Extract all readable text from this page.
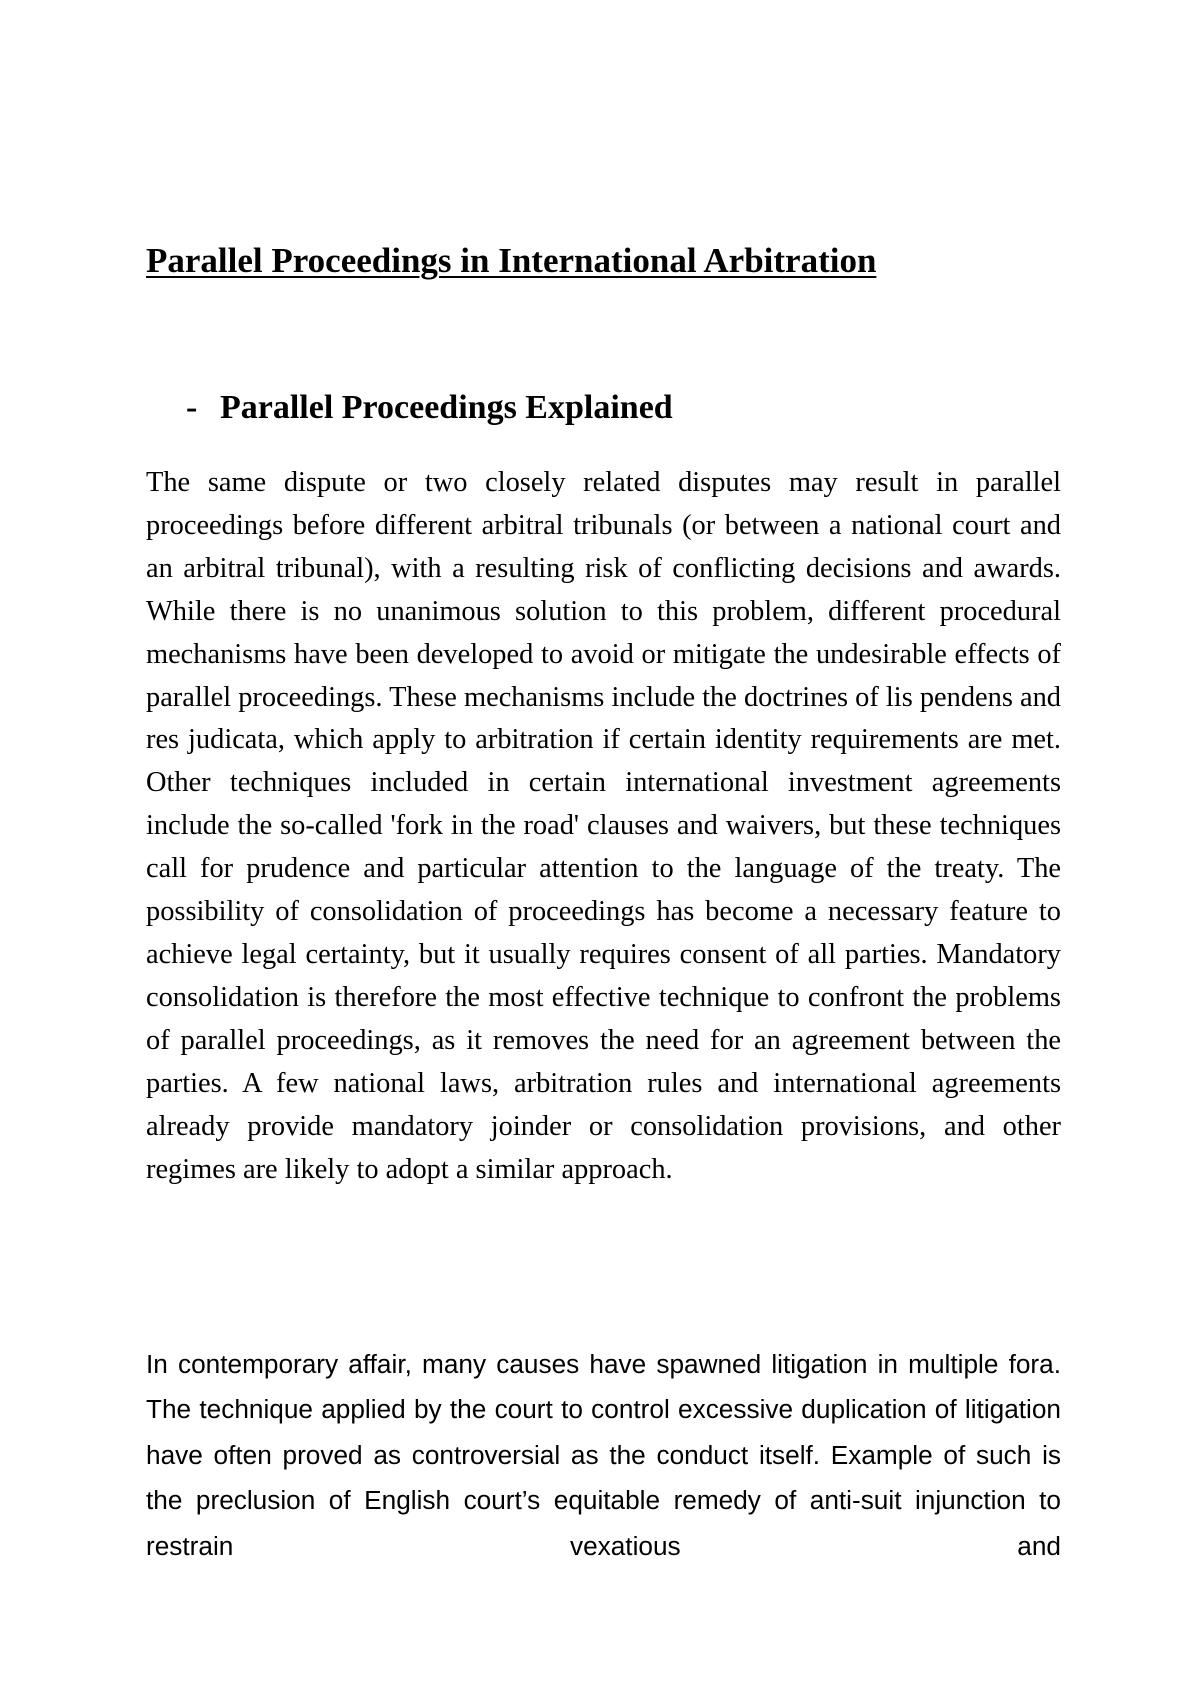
Parallel Proceedings in International Arbitration
- Parallel Proceedings Explained

The same dispute or two closely related disputes may result in parallel proceedings before different arbitral tribunals (or between a national court and an arbitral tribunal), with a resulting risk of conflicting decisions and awards. While there is no unanimous solution to this problem, different procedural mechanisms have been developed to avoid or mitigate the undesirable effects of parallel proceedings. These mechanisms include the doctrines of lis pendens and res judicata, which apply to arbitration if certain identity requirements are met. Other techniques included in certain international investment agreements include the so-called 'fork in the road' clauses and waivers, but these techniques call for prudence and particular attention to the language of the treaty. The possibility of consolidation of proceedings has become a necessary feature to achieve legal certainty, but it usually requires consent of all parties. Mandatory consolidation is therefore the most effective technique to confront the problems of parallel proceedings, as it removes the need for an agreement between the parties. A few national laws, arbitration rules and international agreements already provide mandatory joinder or consolidation provisions, and other regimes are likely to adopt a similar approach.

In contemporary affair, many causes have spawned litigation in multiple fora. The technique applied by the court to control excessive duplication of litigation have often proved as controversial as the conduct itself. Example of such is the preclusion of English court’s equitable remedy of anti-suit injunction to restrain vexatious and
